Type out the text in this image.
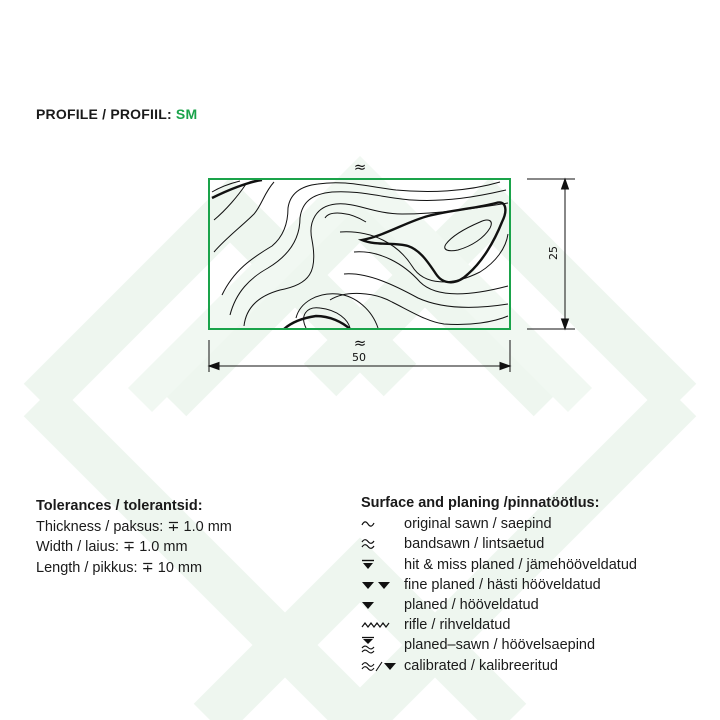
PROFILE / PROFIIL: SM
≈
≈
50
25
Tolerances / tolerantsid:
Thickness / paksus: ∓ 1.0 mm
Width / laius: ∓ 1.0 mm
Length / pikkus: ∓ 10 mm
Surface and planing /pinnatöötlus:
original sawn / saepind
bandsawn / lintsaetud
hit & miss planed / jämehööveldatud
fine planed / hästi hööveldatud
planed / hööveldatud
rifle / rihveldatud
planed–sawn / höövelsaepind
calibrated / kalibreeritud
